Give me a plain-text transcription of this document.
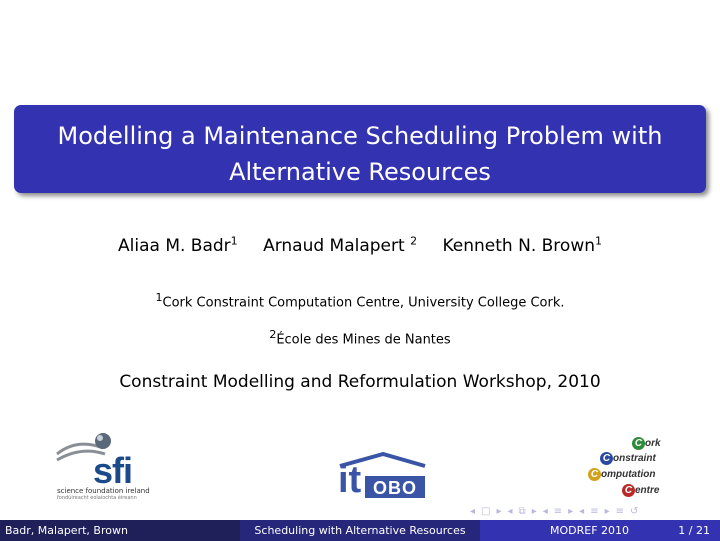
Modelling a Maintenance Scheduling Problem with
Alternative Resources
Aliaa M. Badr$^1$ Arnaud Malapert $^2$ Kenneth N. Brown$^1$
$^1$Cork Constraint Computation Centre, University College Cork.
$^2$École des Mines de Nantes
Constraint Modelling and Reformulation Workshop, 2010
sfi
science foundation ireland
fondúireacht eolaíochta éireann	it OBO
C ork
C onstraint
C omputation
C entre
◂ □ ▸ ◂ ⧉ ▸ ◂ ≡ ▸ ◂ ≡ ▸ ≡ ↺
Badr, Malapert, Brown	Scheduling with Alternative Resources	MODREF 2010	1 / 21
